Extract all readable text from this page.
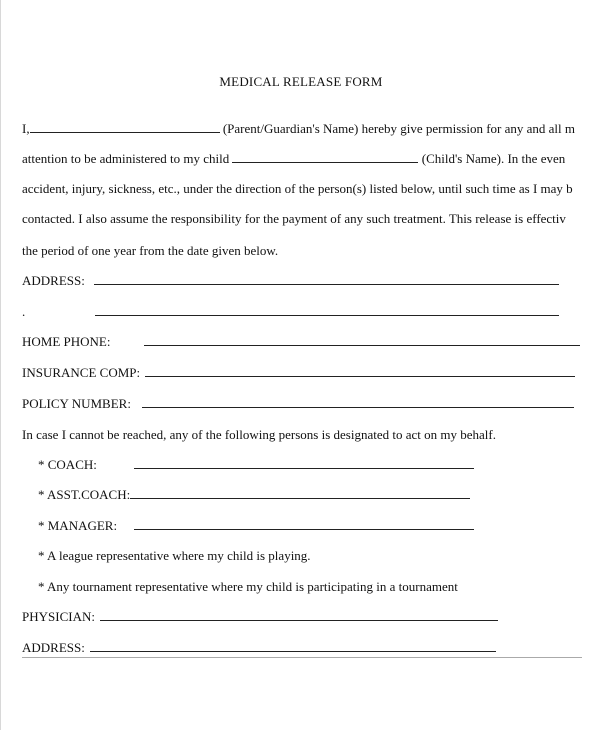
MEDICAL RELEASE FORM

I,	(Parent/Guardian's Name) hereby give permission for any and all m

attention to be administered to my child	(Child's Name). In the even

accident, injury, sickness, etc., under the direction of the person(s) listed below, until such time as I may b

contacted. I also assume the responsibility for the payment of any such treatment. This release is effectiv

the period of one year from the date given below.

ADDRESS:

.

HOME PHONE:

INSURANCE COMP:

POLICY NUMBER:

In case I cannot be reached, any of the following persons is designated to act on my behalf.

* COACH:

* ASST.COACH:

* MANAGER:

* A league representative where my child is playing.

* Any tournament representative where my child is participating in a tournament

PHYSICIAN:

ADDRESS:
